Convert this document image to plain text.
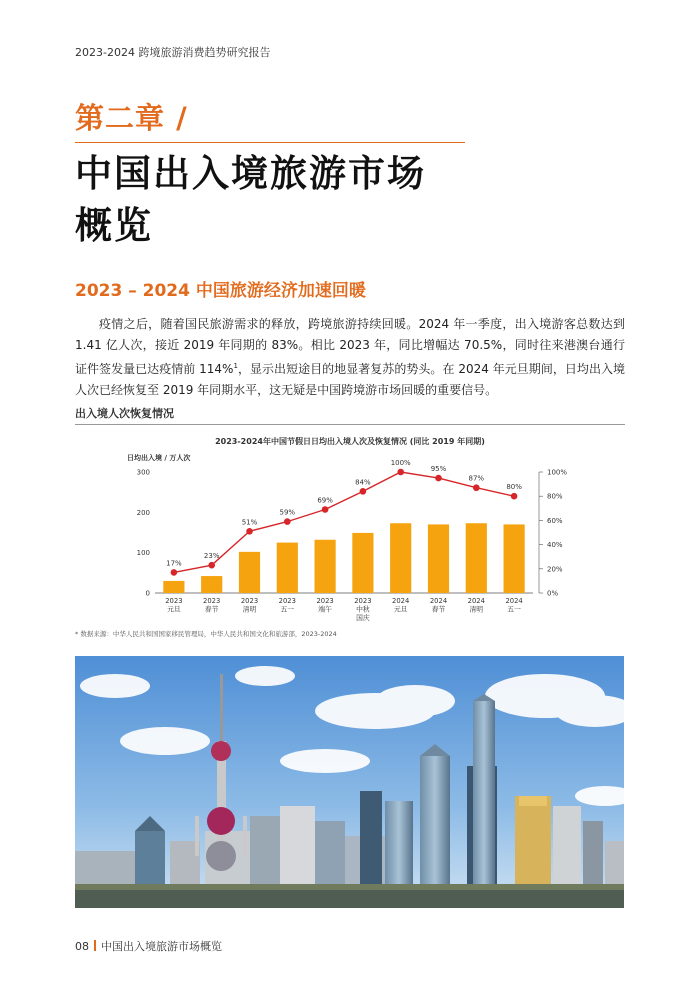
2023-2024 跨境旅游消费趋势研究报告
第二章 /
中国出入境旅游市场
概览
2023 – 2024 中国旅游经济加速回暖

疫情之后，随着国民旅游需求的释放，跨境旅游持续回暖。2024 年一季度，出入境游客总数达到 1.41 亿人次，接近 2019 年同期的 83%。相比 2023 年，同比增幅达 70.5%，同时往来港澳台通行证件签发量已达疫情前 114%$^1$，显示出短途目的地显著复苏的势头。在 2024 年元旦期间，日均出入境人次已经恢复至 2019 年同期水平，这无疑是中国跨境游市场回暖的重要信号。

出入境人次恢复情况
2023-2024年中国节假日日均出入境人次及恢复情况 (同比 2019 年同期)
日均出入境 / 万人次
0
100
200
300
0%
20%
40%
60%
80%
100%
2023
元旦
2023
春节
2023
清明
2023
五一
2023
端午
2023
中秋
国庆
2024
元旦
2024
春节
2024
清明
2024
五一
17%
23%
51%
59%
69%
84%
100%
95%
87%
80%
* 数据来源：中华人民共和国国家移民管理局，中华人民共和国文化和旅游部，2023-2024
08 中国出入境旅游市场概览
